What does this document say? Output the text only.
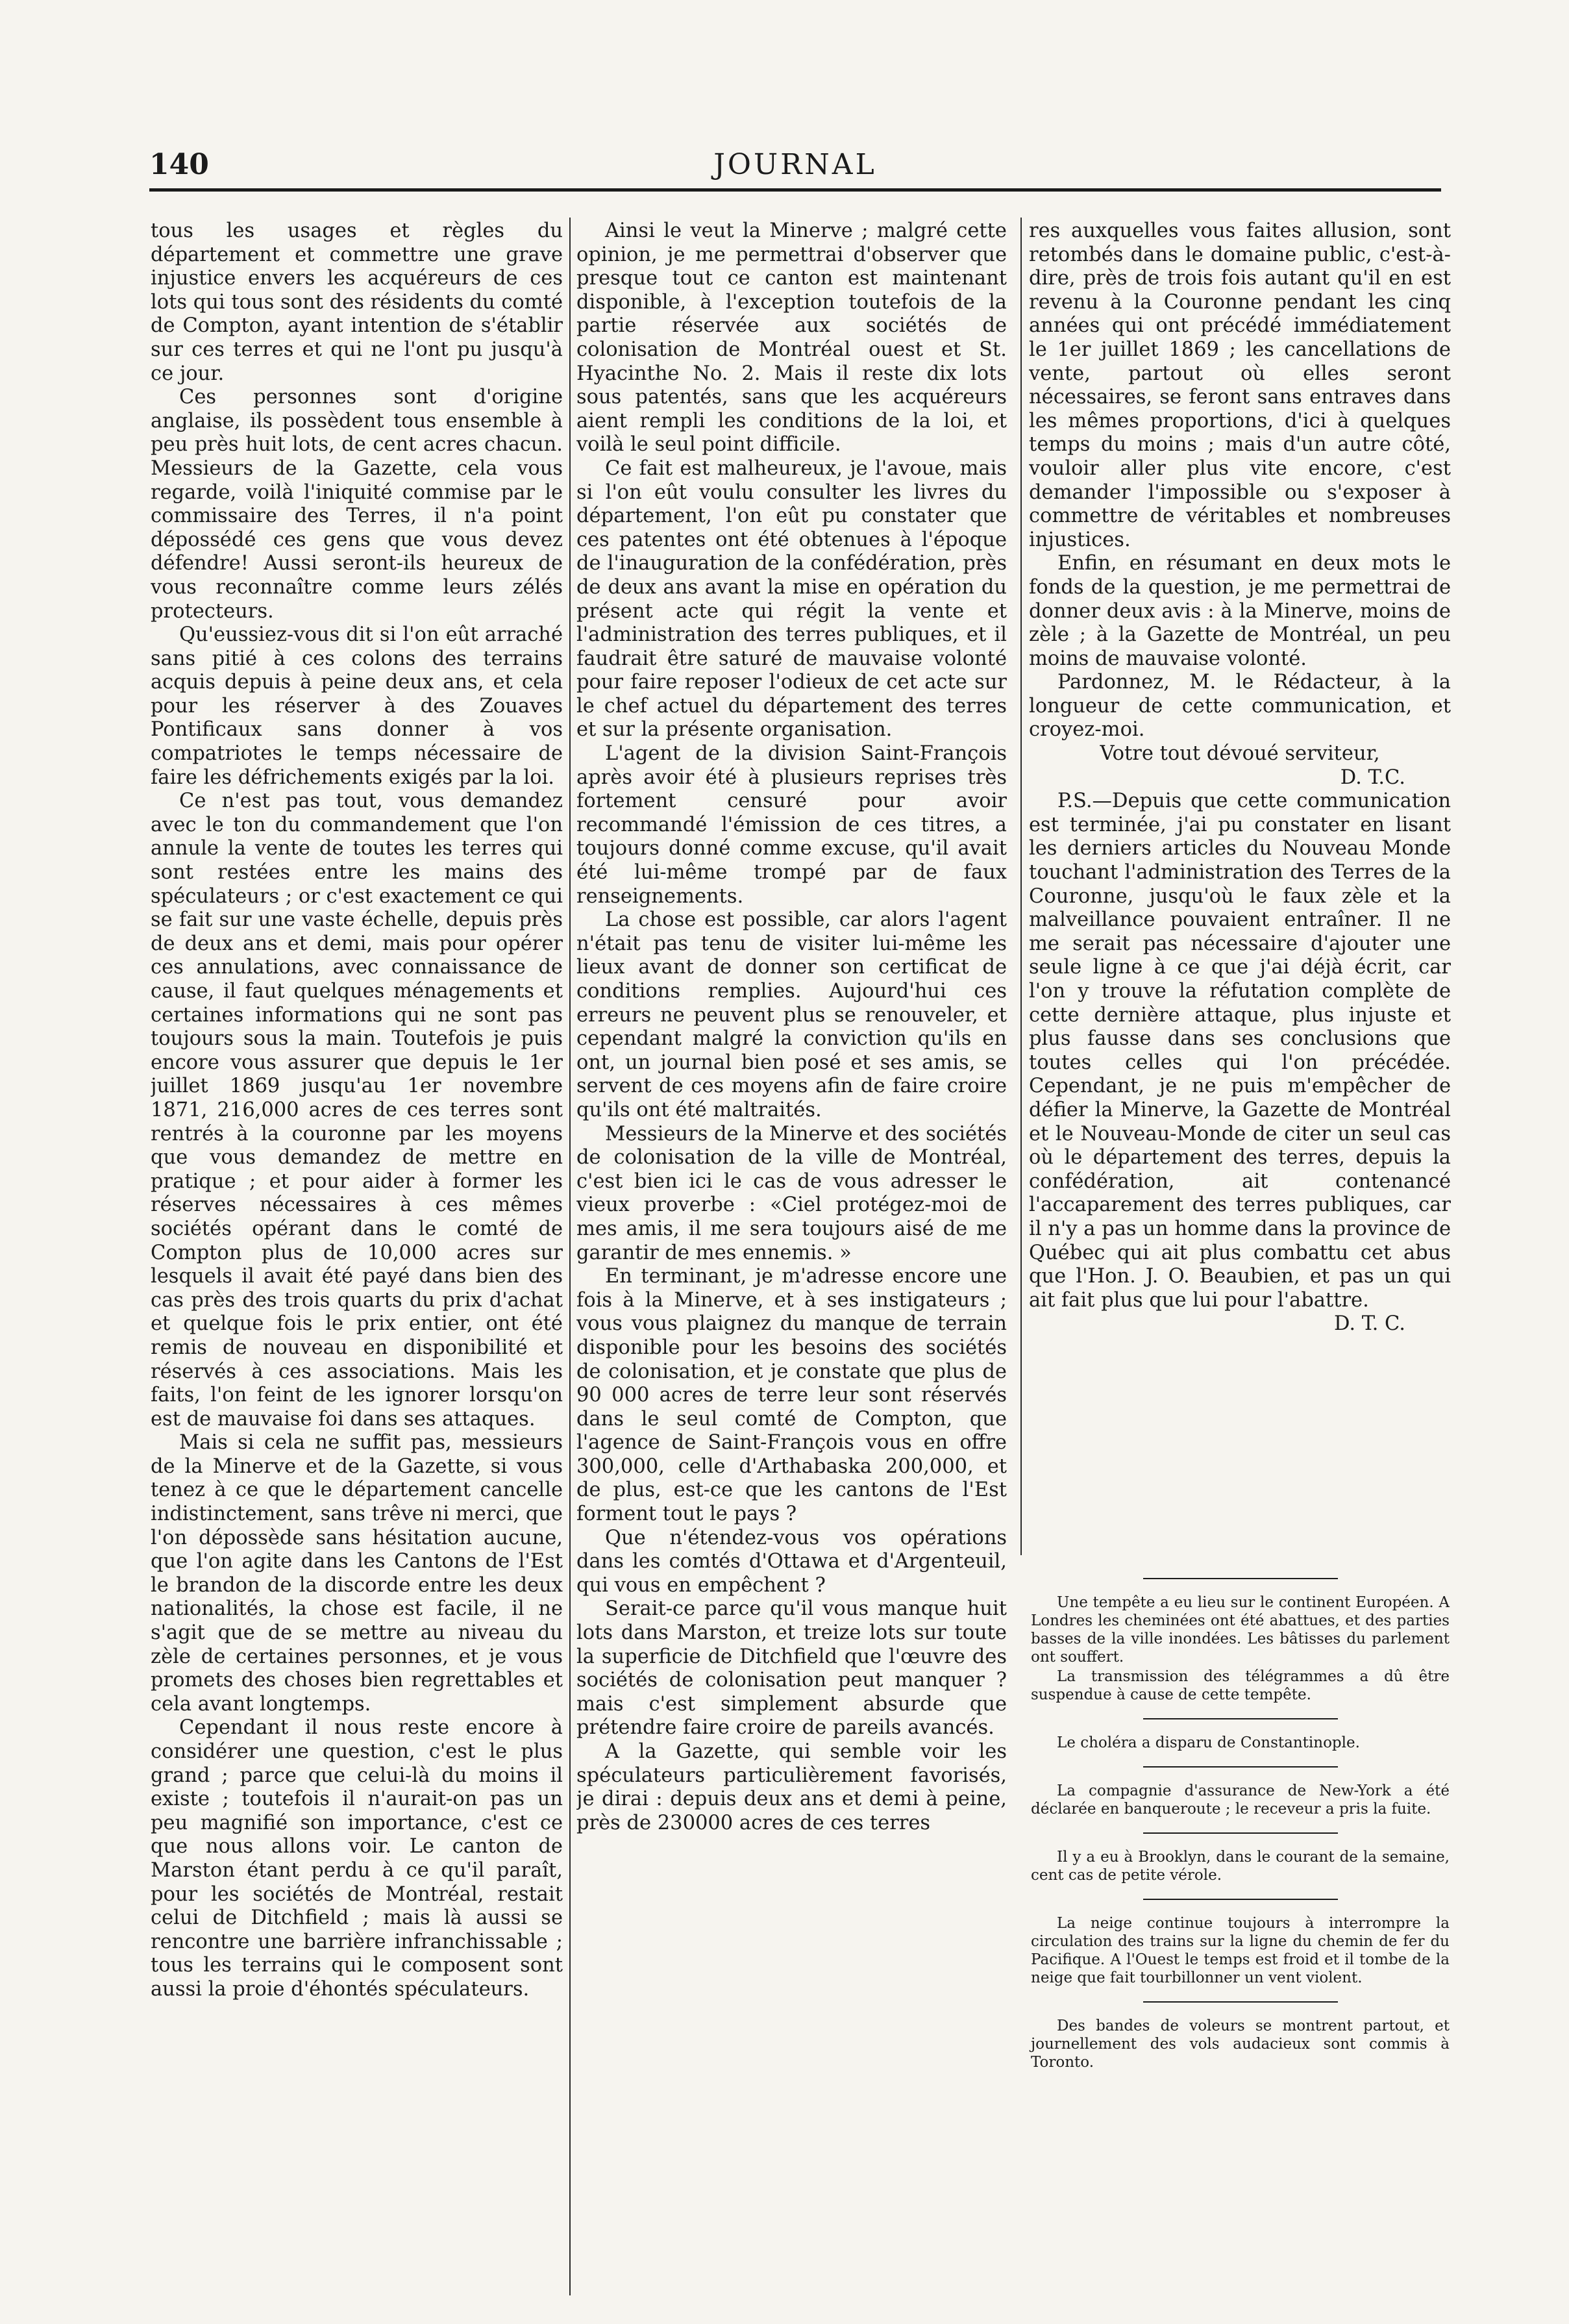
140	JOURNAL

tous les usages et règles du département et commettre une grave injustice envers les acquéreurs de ces lots qui tous sont des résidents du comté de Compton, ayant intention de s'établir sur ces terres et qui ne l'ont pu jusqu'à ce jour.

Ces personnes sont d'origine anglaise, ils possèdent tous ensemble à peu près huit lots, de cent acres chacun. Messieurs de la Gazette, cela vous regarde, voilà l'iniquité commise par le commissaire des Terres, il n'a point dépossédé ces gens que vous devez défendre! Aussi seront-ils heureux de vous reconnaître comme leurs zélés protecteurs.

Qu'eussiez-vous dit si l'on eût arraché sans pitié à ces colons des terrains acquis depuis à peine deux ans, et cela pour les réserver à des Zouaves Pontificaux sans donner à vos compatriotes le temps nécessaire de faire les défrichements exigés par la loi.

Ce n'est pas tout, vous demandez avec le ton du commandement que l'on annule la vente de toutes les terres qui sont restées entre les mains des spéculateurs ; or c'est exactement ce qui se fait sur une vaste échelle, depuis près de deux ans et demi, mais pour opérer ces annulations, avec connaissance de cause, il faut quelques ménagements et certaines informations qui ne sont pas toujours sous la main. Toutefois je puis encore vous assurer que depuis le 1er juillet 1869 jusqu'au 1er novembre 1871, 216,000 acres de ces terres sont rentrés à la couronne par les moyens que vous demandez de mettre en pratique ; et pour aider à former les réserves nécessaires à ces mêmes sociétés opérant dans le comté de Compton plus de 10,000 acres sur lesquels il avait été payé dans bien des cas près des trois quarts du prix d'achat et quelque fois le prix entier, ont été remis de nouveau en disponibilité et réservés à ces associations. Mais les faits, l'on feint de les ignorer lorsqu'on est de mauvaise foi dans ses attaques.

Mais si cela ne suffit pas, messieurs de la Minerve et de la Gazette, si vous tenez à ce que le département cancelle indistinctement, sans trêve ni merci, que l'on dépossède sans hésitation aucune, que l'on agite dans les Cantons de l'Est le brandon de la discorde entre les deux nationalités, la chose est facile, il ne s'agit que de se mettre au niveau du zèle de certaines personnes, et je vous promets des choses bien regrettables et cela avant longtemps.

Cependant il nous reste encore à considérer une question, c'est le plus grand ; parce que celui-là du moins il existe ; toutefois il n'aurait-on pas un peu magnifié son importance, c'est ce que nous allons voir. Le canton de Marston étant perdu à ce qu'il paraît, pour les sociétés de Montréal, restait celui de Ditchfield ; mais là aussi se rencontre une barrière infranchissable ; tous les terrains qui le composent sont aussi la proie d'éhontés spéculateurs.

Ainsi le veut la Minerve ; malgré cette opinion, je me permettrai d'observer que presque tout ce canton est maintenant disponible, à l'exception toutefois de la partie réservée aux sociétés de colonisation de Montréal ouest et St. Hyacinthe No. 2. Mais il reste dix lots sous patentés, sans que les acquéreurs aient rempli les conditions de la loi, et voilà le seul point difficile.

Ce fait est malheureux, je l'avoue, mais si l'on eût voulu consulter les livres du département, l'on eût pu constater que ces patentes ont été obtenues à l'époque de l'inauguration de la confédération, près de deux ans avant la mise en opération du présent acte qui régit la vente et l'administration des terres publiques, et il faudrait être saturé de mauvaise volonté pour faire reposer l'odieux de cet acte sur le chef actuel du département des terres et sur la présente organisation.

L'agent de la division Saint-François après avoir été à plusieurs reprises très fortement censuré pour avoir recommandé l'émission de ces titres, a toujours donné comme excuse, qu'il avait été lui-même trompé par de faux renseignements.

La chose est possible, car alors l'agent n'était pas tenu de visiter lui-même les lieux avant de donner son certificat de conditions remplies. Aujourd'hui ces erreurs ne peuvent plus se renouveler, et cependant malgré la conviction qu'ils en ont, un journal bien posé et ses amis, se servent de ces moyens afin de faire croire qu'ils ont été maltraités.

Messieurs de la Minerve et des sociétés de colonisation de la ville de Montréal, c'est bien ici le cas de vous adresser le vieux proverbe : «Ciel protégez-moi de mes amis, il me sera toujours aisé de me garantir de mes ennemis. »

En terminant, je m'adresse encore une fois à la Minerve, et à ses instigateurs ; vous vous plaignez du manque de terrain disponible pour les besoins des sociétés de colonisation, et je constate que plus de 90 000 acres de terre leur sont réservés dans le seul comté de Compton, que l'agence de Saint-François vous en offre 300,000, celle d'Arthabaska 200,000, et de plus, est-ce que les cantons de l'Est forment tout le pays ?

Que n'étendez-vous vos opérations dans les comtés d'Ottawa et d'Argenteuil, qui vous en empêchent ?

Serait-ce parce qu'il vous manque huit lots dans Marston, et treize lots sur toute la superficie de Ditchfield que l'œuvre des sociétés de colonisation peut manquer ? mais c'est simplement absurde que prétendre faire croire de pareils avancés.

A la Gazette, qui semble voir les spéculateurs particulièrement favorisés, je dirai : depuis deux ans et demi à peine, près de 230000 acres de ces terres

res auxquelles vous faites allusion, sont retombés dans le domaine public, c'est-à-dire, près de trois fois autant qu'il en est revenu à la Couronne pendant les cinq années qui ont précédé immédiatement le 1er juillet 1869 ; les cancellations de vente, partout où elles seront nécessaires, se feront sans entraves dans les mêmes proportions, d'ici à quelques temps du moins ; mais d'un autre côté, vouloir aller plus vite encore, c'est demander l'impossible ou s'exposer à commettre de véritables et nombreuses injustices.

Enfin, en résumant en deux mots le fonds de la question, je me permettrai de donner deux avis : à la Minerve, moins de zèle ; à la Gazette de Montréal, un peu moins de mauvaise volonté.

Pardonnez, M. le Rédacteur, à la longueur de cette communication, et croyez-moi.

Votre tout dévoué serviteur,

D. T.C.

P.S.—Depuis que cette communication est terminée, j'ai pu constater en lisant les derniers articles du Nouveau Monde touchant l'administration des Terres de la Couronne, jusqu'où le faux zèle et la malveillance pouvaient entraîner. Il ne me serait pas nécessaire d'ajouter une seule ligne à ce que j'ai déjà écrit, car l'on y trouve la réfutation complète de cette dernière attaque, plus injuste et plus fausse dans ses conclusions que toutes celles qui l'on précédée. Cependant, je ne puis m'empêcher de défier la Minerve, la Gazette de Montréal et le Nouveau-Monde de citer un seul cas où le département des terres, depuis la confédération, ait contenancé l'accaparement des terres publiques, car il n'y a pas un homme dans la province de Québec qui ait plus combattu cet abus que l'Hon. J. O. Beaubien, et pas un qui ait fait plus que lui pour l'abattre.

D. T. C.

Une tempête a eu lieu sur le continent Européen. A Londres les cheminées ont été abattues, et des parties basses de la ville inondées. Les bâtisses du parlement ont souffert.

La transmission des télégrammes a dû être suspendue à cause de cette tempête.

Le choléra a disparu de Constantinople.

La compagnie d'assurance de New-York a été déclarée en banqueroute ; le receveur a pris la fuite.

Il y a eu à Brooklyn, dans le courant de la semaine, cent cas de petite vérole.

La neige continue toujours à interrompre la circulation des trains sur la ligne du chemin de fer du Pacifique. A l'Ouest le temps est froid et il tombe de la neige que fait tourbillonner un vent violent.

Des bandes de voleurs se montrent partout, et journellement des vols audacieux sont commis à Toronto.
